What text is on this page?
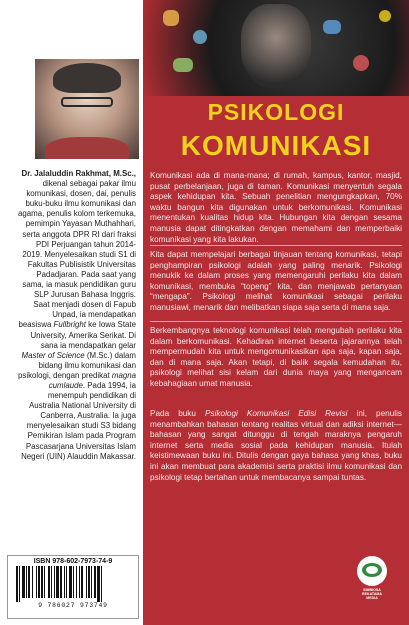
PSIKOLOGI
KOMUNIKASI

Komunikasi ada di mana-mana; di rumah, kampus, kantor, masjid, pusat perbelanjaan, juga di taman. Komunikasi menyentuh segala aspek kehidupan kita. Sebuah penelitian mengungkapkan, 70% waktu bangun kita digunakan untuk berkomunikasi. Komunikasi menentukan kualitas hidup kita. Hubungan kita dengan sesama manusia dapat ditingkatkan dengan memahami dan memperbaiki komunikasi yang kita lakukan.

Kita dapat mempelajari berbagai tinjauan tentang komunikasi, tetapi penghampiran psikologi adalah yang paling menarik. Psikologi menukik ke dalam proses yang memengaruhi perilaku kita dalam komunikasi, membuka “topeng” kita, dan menjawab pertanyaan “mengapa”. Psikologi melihat komunikasi sebagai perilaku manusiawi, menarik dan melibatkan siapa saja serta di mana saja.

Berkembangnya teknologi komunikasi telah mengubah perilaku kita dalam berkomunikasi. Kehadiran internet beserta jajarannya telah mempermudah kita untuk mengomunikasikan apa saja, kapan saja, dan di mana saja. Akan tetapi, di balik segala kemudahan itu, psikologi melihat sisi kelam dari dunia maya yang mengancam kebahagiaan umat manusia.

Pada buku Psikologi Komunikasi Edisi Revisi ini, penulis menambahkan bahasan tentang realitas virtual dan adiksi internet—bahasan yang sangat ditunggu di tengah maraknya pengaruh internet serta media sosial pada kehidupan manusia. Itulah keistimewaan buku ini. Ditulis dengan gaya bahasa yang khas, buku ini akan membuat para akademisi serta praktisi ilmu komunikasi dan psikologi tetap bertahan untuk membacanya sampai tuntas.

SIMBIOSA
REKATAMA
MEDIA

Dr. Jalaluddin Rakhmat, M.Sc., dikenal sebagai pakar ilmu komunikasi, dosen, dai, penulis buku-buku ilmu komunikasi dan agama, penulis kolom terkemuka, pemimpin Yayasan Muthahhari, serta anggota DPR RI dari fraksi PDI Perjuangan tahun 2014-2019. Menyelesaikan studi S1 di Fakultas Publisistik Universitas Padadjaran. Pada saat yang sama, ia masuk pendidikan guru SLP Jurusan Bahasa Inggris. Saat menjadi dosen di Fapub Unpad, ia mendapatkan beasiswa Fullbright ke Iowa State University, Amerika Serikat. Di sana ia mendapatkan gelar Master of Science (M.Sc.) dalam bidang ilmu komunikasi dan psikologi, dengan predikat magna cumlaude. Pada 1994, ia menempuh pendidikan di Australia National University di Canberra, Australia. Ia juga menyelesaikan studi S3 bidang Pemikiran Islam pada Program Pascasarjana Universitas Islam Negeri (UIN) Alauddin Makassar.

ISBN 978-602-7973-74-9
9 786027 973749
